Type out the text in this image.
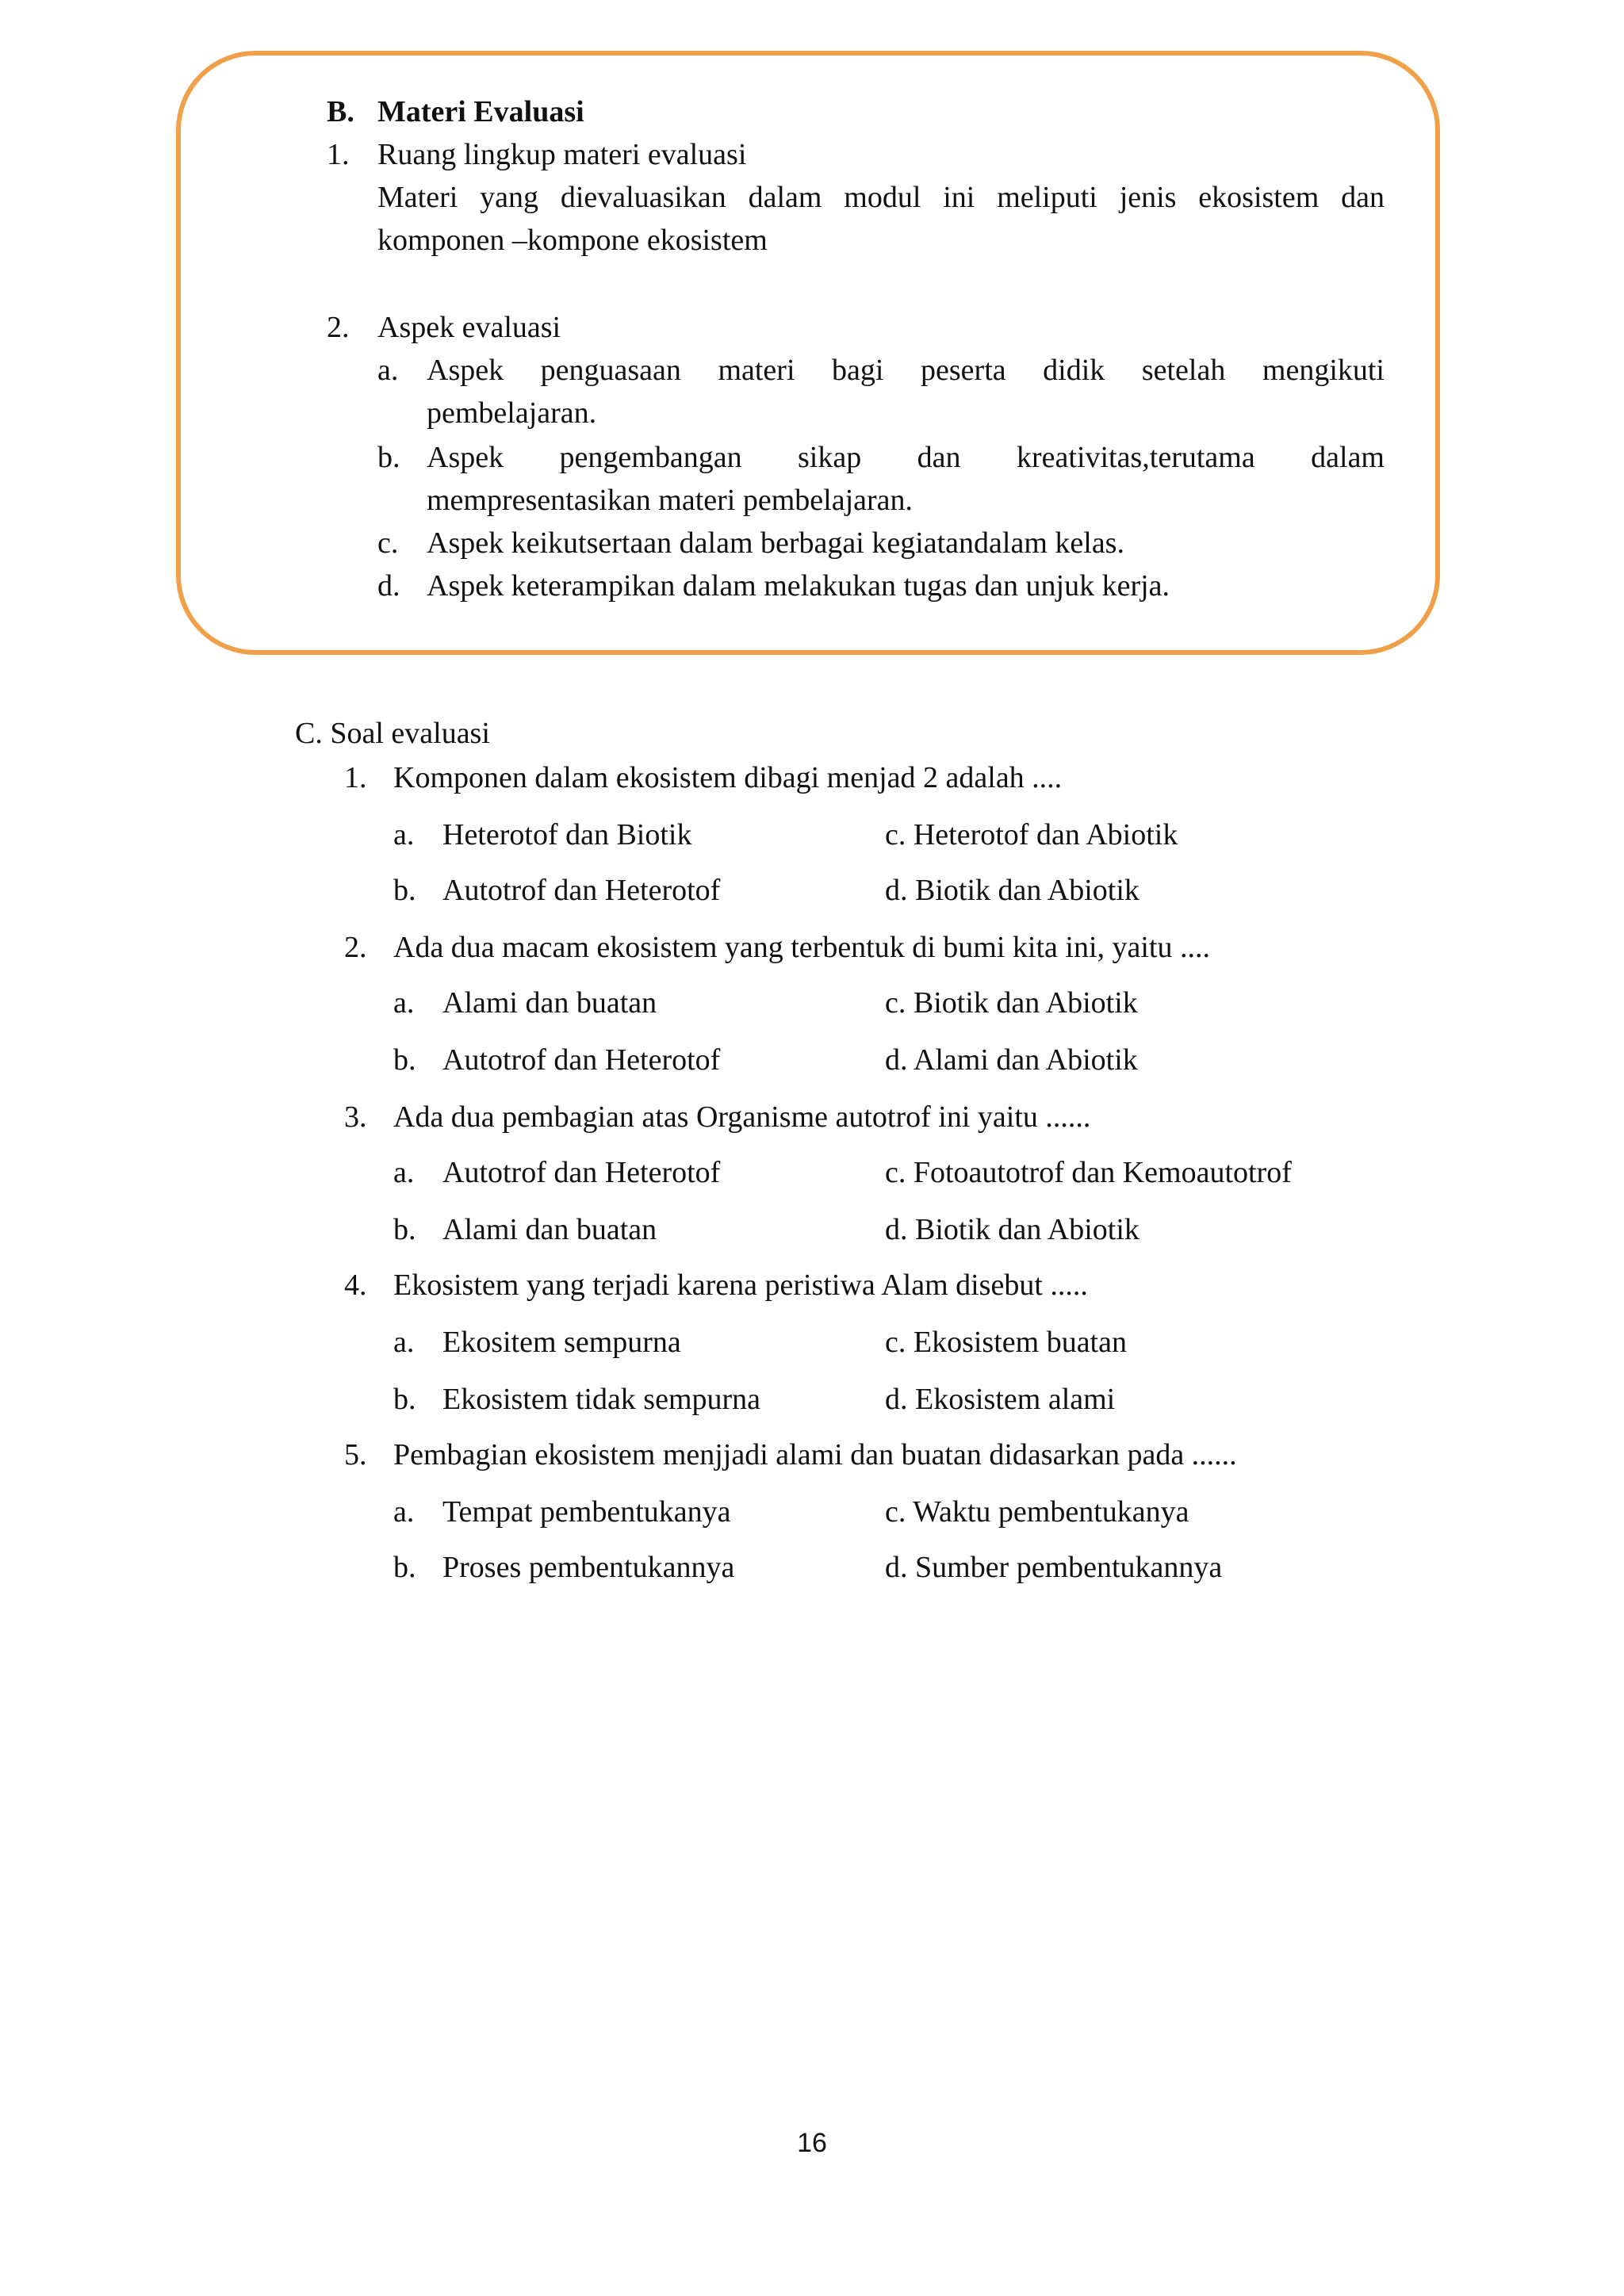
B. Materi Evaluasi
1. Ruang lingkup materi evaluasi
Materi yang dievaluasikan dalam modul ini meliputi jenis ekosistem dan
komponen –kompone ekosistem
2. Aspek evaluasi
a. Aspek penguasaan materi bagi peserta didik setelah mengikuti
pembelajaran.
b. Aspek pengembangan sikap dan kreativitas,terutama dalam
mempresentasikan materi pembelajaran.
c. Aspek keikutsertaan dalam berbagai kegiatandalam kelas.
d. Aspek keterampikan dalam melakukan tugas dan unjuk kerja.
C. Soal evaluasi
1. Komponen dalam ekosistem dibagi menjad 2 adalah ....
a. Heterotof dan Biotik	c. Heterotof dan Abiotik
b. Autotrof dan Heterotof	d. Biotik dan Abiotik
2. Ada dua macam ekosistem yang terbentuk di bumi kita ini, yaitu ....
a. Alami dan buatan	c. Biotik dan Abiotik
b. Autotrof dan Heterotof	d. Alami dan Abiotik
3. Ada dua pembagian atas Organisme autotrof ini yaitu ......
a. Autotrof dan Heterotof	c. Fotoautotrof dan Kemoautotrof
b. Alami dan buatan	d. Biotik dan Abiotik
4. Ekosistem yang terjadi karena peristiwa Alam disebut .....
a. Ekositem sempurna	c. Ekosistem buatan
b. Ekosistem tidak sempurna	d. Ekosistem alami
5. Pembagian ekosistem menjjadi alami dan buatan didasarkan pada ......
a. Tempat pembentukanya	c. Waktu pembentukanya
b. Proses pembentukannya	d. Sumber pembentukannya
16
